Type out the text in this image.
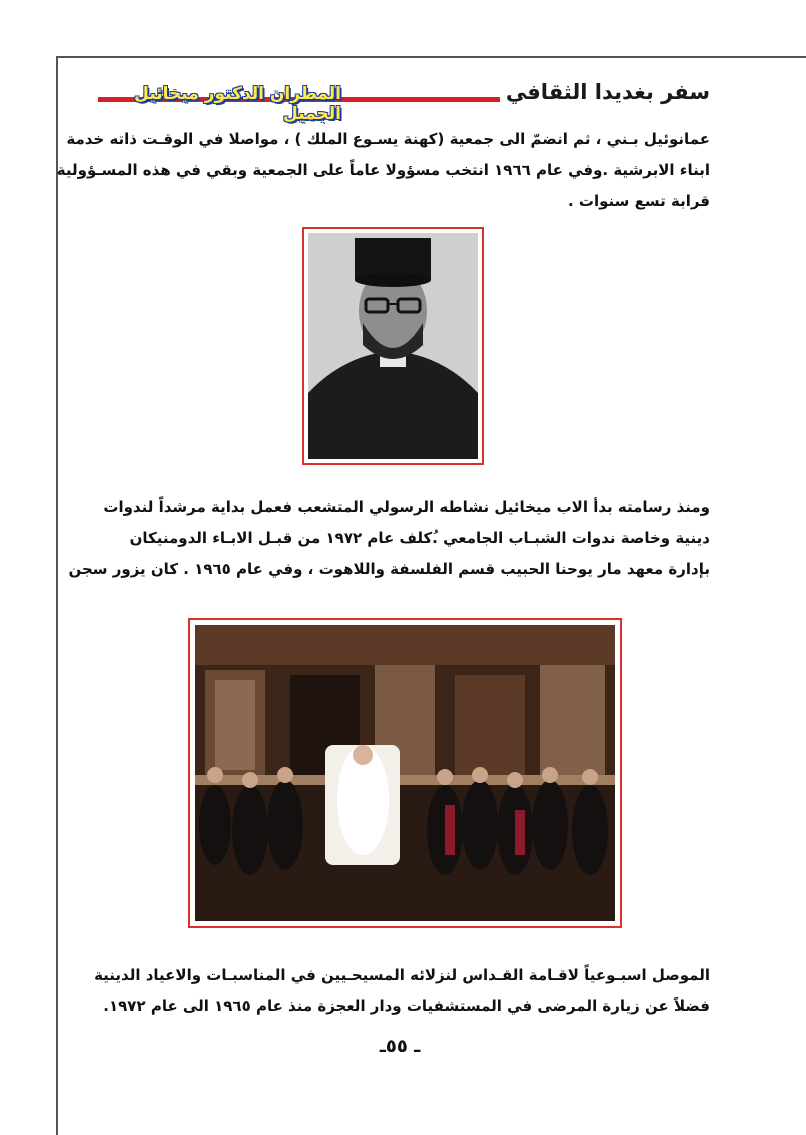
سفر بغديدا الثقافي
المطران الدكتور ميخائيل الجميل
عمانوئيل بـني ، ثم انضمّ الى جمعية (كهنة يسـوع الملك ) ، مواصلا في الوقـت ذاته خدمة
ابناء الابرشية .وفي عام ١٩٦٦ انتخب مسؤولا عاماً على الجمعية وبقي في هذه المسـؤولية
قرابة تسع سنوات .
ومنذ رسامته بدأ الاب ميخائيل نشاطه الرسولي المتشعب فعمل بداية مرشداً لندوات
دينية وخاصة ندوات الشبـاب الجامعي .ُكلف عام ١٩٧٢ من قبـل الابـاء الدومنيكان
بإدارة معهد مار يوحنا الحبيب قسم الفلسفة واللاهوت ، وفي عام ١٩٦٥ . كان يزور سجن
الموصل اسبـوعياً لاقـامة القـداس لنزلائه المسيحـيين في المناسبـات والاعياد الدينية
فضلاً عن زيارة المرضى في المستشفيات ودار العجزة منذ عام ١٩٦٥ الى عام ١٩٧٢.
ـ ٥٥ـ
